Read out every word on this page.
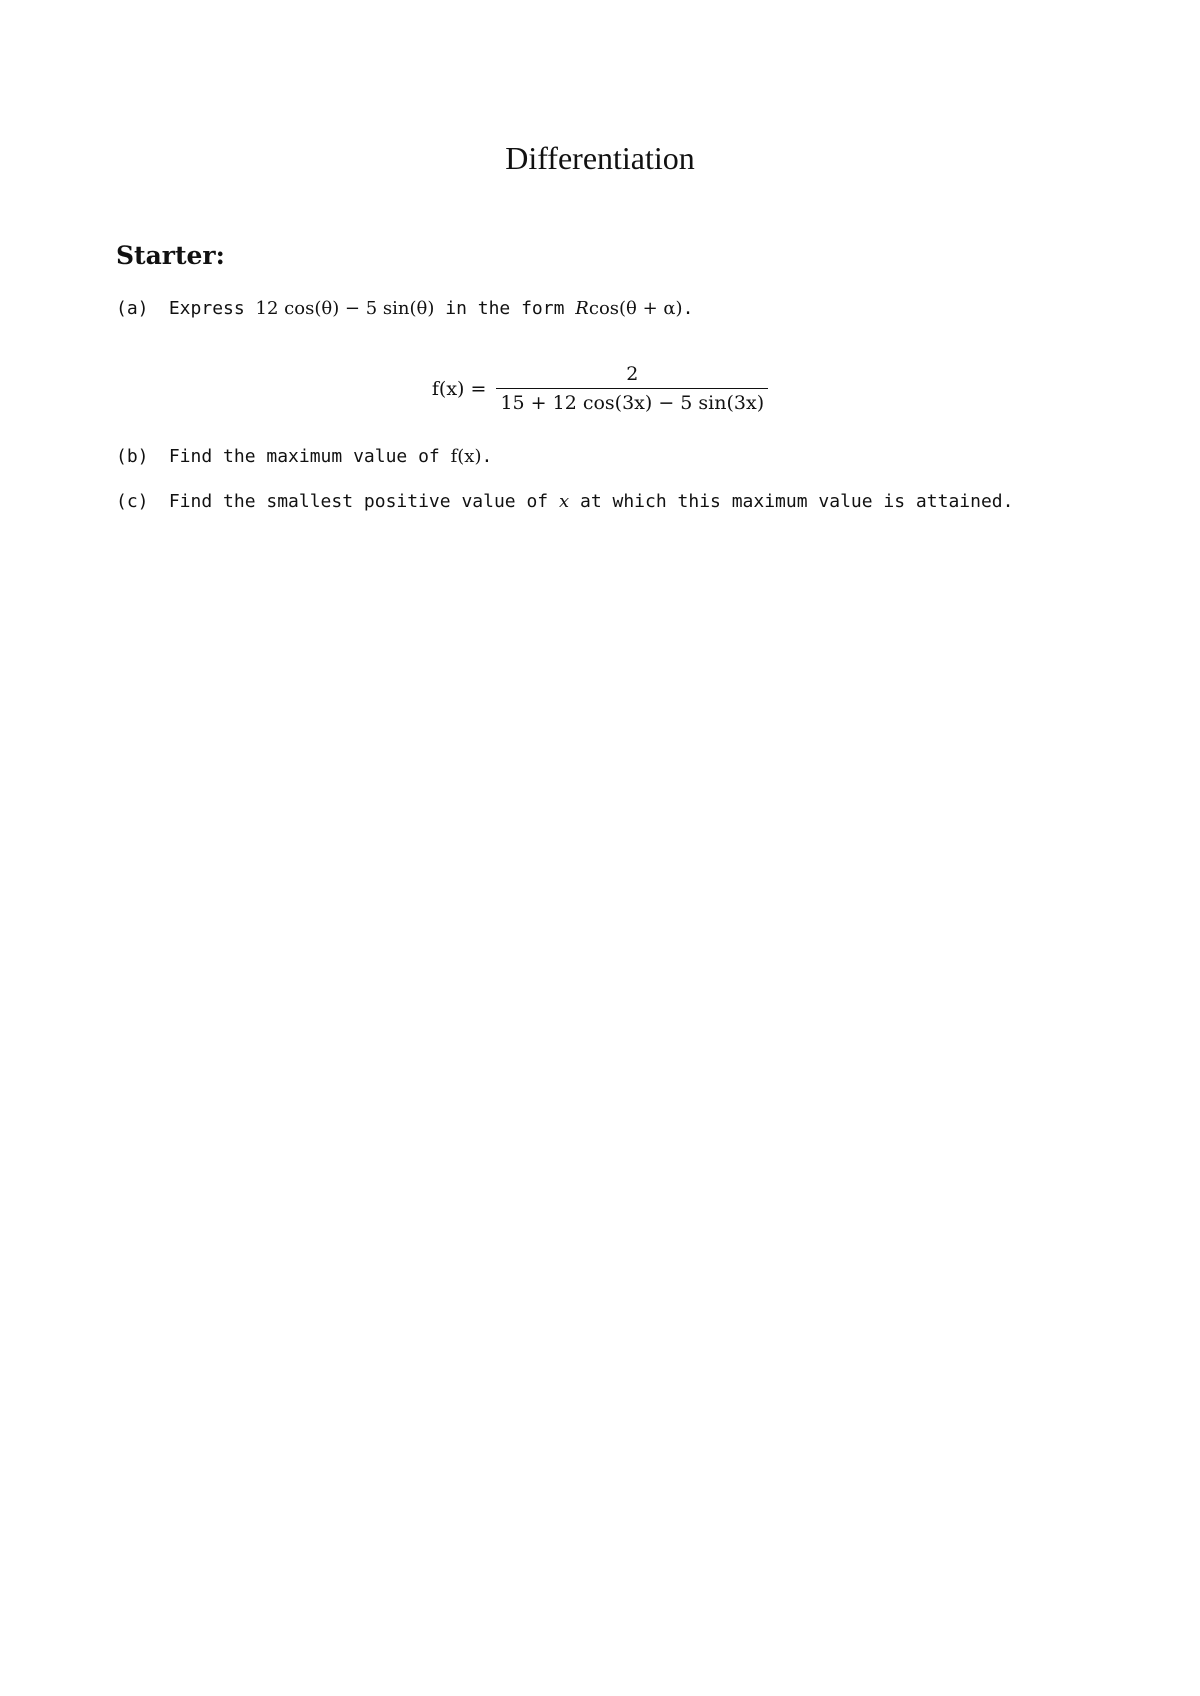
Differentiation
Starter:
(a) Express 12 cos(θ) − 5 sin(θ) in the form Rcos(θ + α).
$f(x) = \frac{2}{15 + 12 \cos(3x) - 5 \sin(3x)}$
(b) Find the maximum value of f(x).
(c) Find the smallest positive value of x at which this maximum value is attained.
